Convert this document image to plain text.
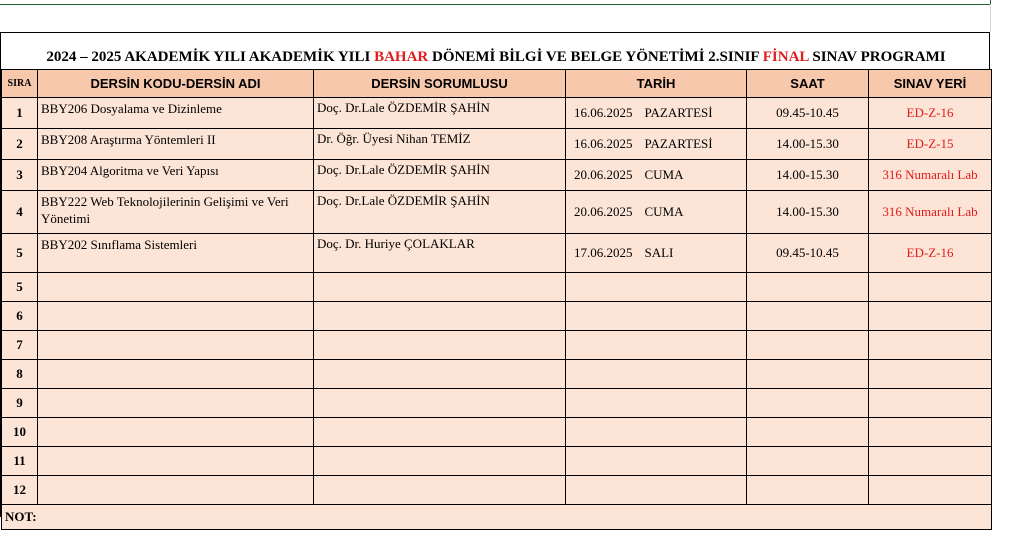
2024 – 2025 AKADEMİK YILI AKADEMİK YILI BAHAR DÖNEMİ BİLGİ VE BELGE YÖNETİMİ 2.SINIF FİNAL SINAV PROGRAMI
SIRA	DERSİN KODU-DERSİN ADI	DERSİN SORUMLUSU	TARİH	SAAT	SINAV YERİ
1	BBY206 Dosyalama ve Dizinleme	Doç. Dr.Lale ÖZDEMİR ŞAHİN	16.06.2025 PAZARTESİ	09.45-10.45	ED-Z-16
2	BBY208 Araştırma Yöntemleri II	Dr. Öğr. Üyesi Nihan TEMİZ	16.06.2025 PAZARTESİ	14.00-15.30	ED-Z-15
3	BBY204 Algoritma ve Veri Yapısı	Doç. Dr.Lale ÖZDEMİR ŞAHİN	20.06.2025 CUMA	14.00-15.30	316 Numaralı Lab
4	BBY222 Web Teknolojilerinin Gelişimi ve Veri Yönetimi	Doç. Dr.Lale ÖZDEMİR ŞAHİN	20.06.2025 CUMA	14.00-15.30	316 Numaralı Lab
5	BBY202 Sınıflama Sistemleri	Doç. Dr. Huriye ÇOLAKLAR	17.06.2025 SALI	09.45-10.45	ED-Z-16
5					
6					
7					
8					
9					
10					
11					
12					
NOT:					
